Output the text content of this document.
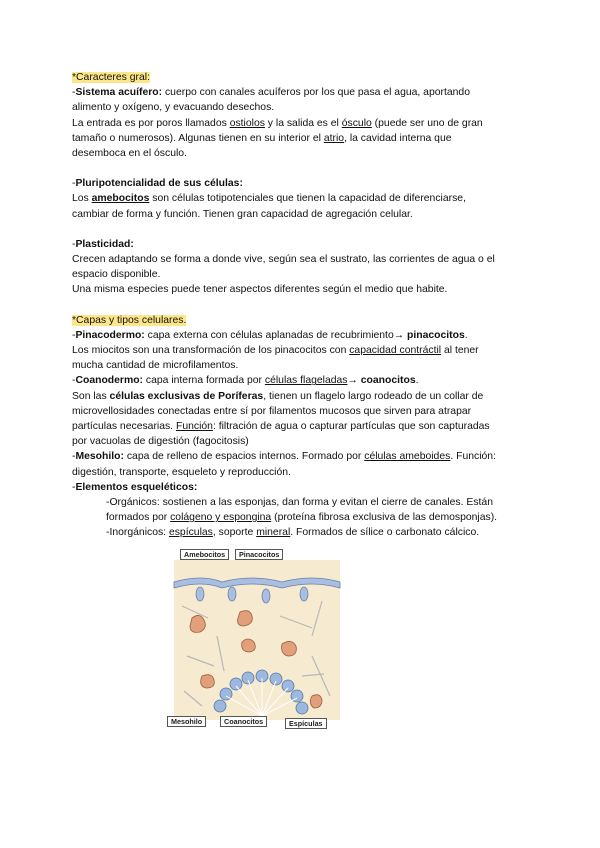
*Caracteres gral:
-Sistema acuífero: cuerpo con canales acuíferos por los que pasa el agua, aportando
alimento y oxígeno, y evacuando desechos.
La entrada es por poros llamados ostiolos y la salida es el ósculo (puede ser uno de gran
tamaño o numerosos). Algunas tienen en su interior el atrio, la cavidad interna que
desemboca en el ósculo.
-Pluripotencialidad de sus células:
Los amebocitos son células totipotenciales que tienen la capacidad de diferenciarse,
cambiar de forma y función. Tienen gran capacidad de agregación celular.
-Plasticidad:
Crecen adaptando se forma a donde vive, según sea el sustrato, las corrientes de agua o el
espacio disponible.
Una misma especies puede tener aspectos diferentes según el medio que habite.
*Capas y tipos celulares.
-Pinacodermo: capa externa con células aplanadas de recubrimiento→ pinacocitos.
Los miocitos son una transformación de los pinacocitos con capacidad contráctil al tener
mucha cantidad de microfilamentos.
-Coanodermo: capa interna formada por células flageladas→ coanocitos.
Son las células exclusivas de Poríferas, tienen un flagelo largo rodeado de un collar de
microvellosidades conectadas entre sí por filamentos mucosos que sirven para atrapar
partículas necesarias. Función: filtración de agua o capturar partículas que son capturadas
por vacuolas de digestión (fagocitosis)
-Mesohilo: capa de relleno de espacios internos. Formado por células ameboides. Función:
digestión, transporte, esqueleto y reproducción.
-Elementos esqueléticos:
-Orgánicos: sostienen a las esponjas, dan forma y evitan el cierre de canales. Están
formados por colágeno y espongina (proteína fibrosa exclusiva de las demosponjas).
-Inorgánicos: espículas, soporte mineral. Formados de sílice o carbonato cálcico.
Amebocitos	Pinacocitos
Mesohilo	Coanocitos	Espículas
